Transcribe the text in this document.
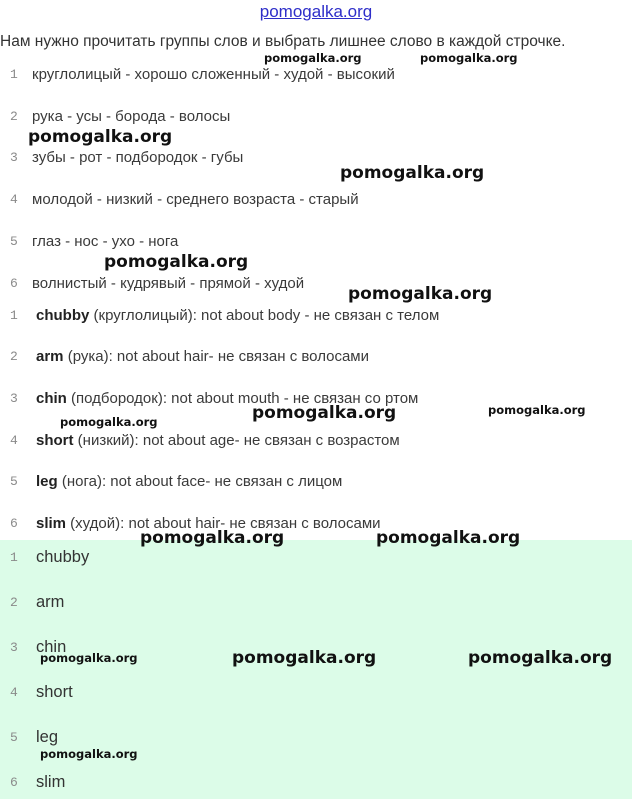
pomogalka.org
Нам нужно прочитать группы слов и выбрать лишнее слово в каждой строчке.
1 круглолицый - хорошо сложенный - худой - высокий
2 рука - усы - борода - волосы
3 зубы - рот - подбородок - губы
4 молодой - низкий - среднего возраста - старый
5 глаз - нос - ухо - нога
6 волнистый - кудрявый - прямой - худой
1	chubby (круглолицый): not about body - не связан с телом
2	arm (рука): not about hair- не связан с волосами
3	chin (подбородок): not about mouth - не связан со ртом
4	short (низкий): not about age- не связан с возрастом
5	leg (нога): not about face- не связан с лицом
6	slim (худой): not about hair- не связан с волосами
1	chubby
2	arm
3	chin
4	short
5	leg
6	slim
pomogalka.org	pomogalka.org
pomogalka.org
pomogalka.org
pomogalka.org
pomogalka.org
pomogalka.org	pomogalka.org	pomogalka.org
pomogalka.org	pomogalka.org
pomogalka.org	pomogalka.org	pomogalka.org
pomogalka.org
